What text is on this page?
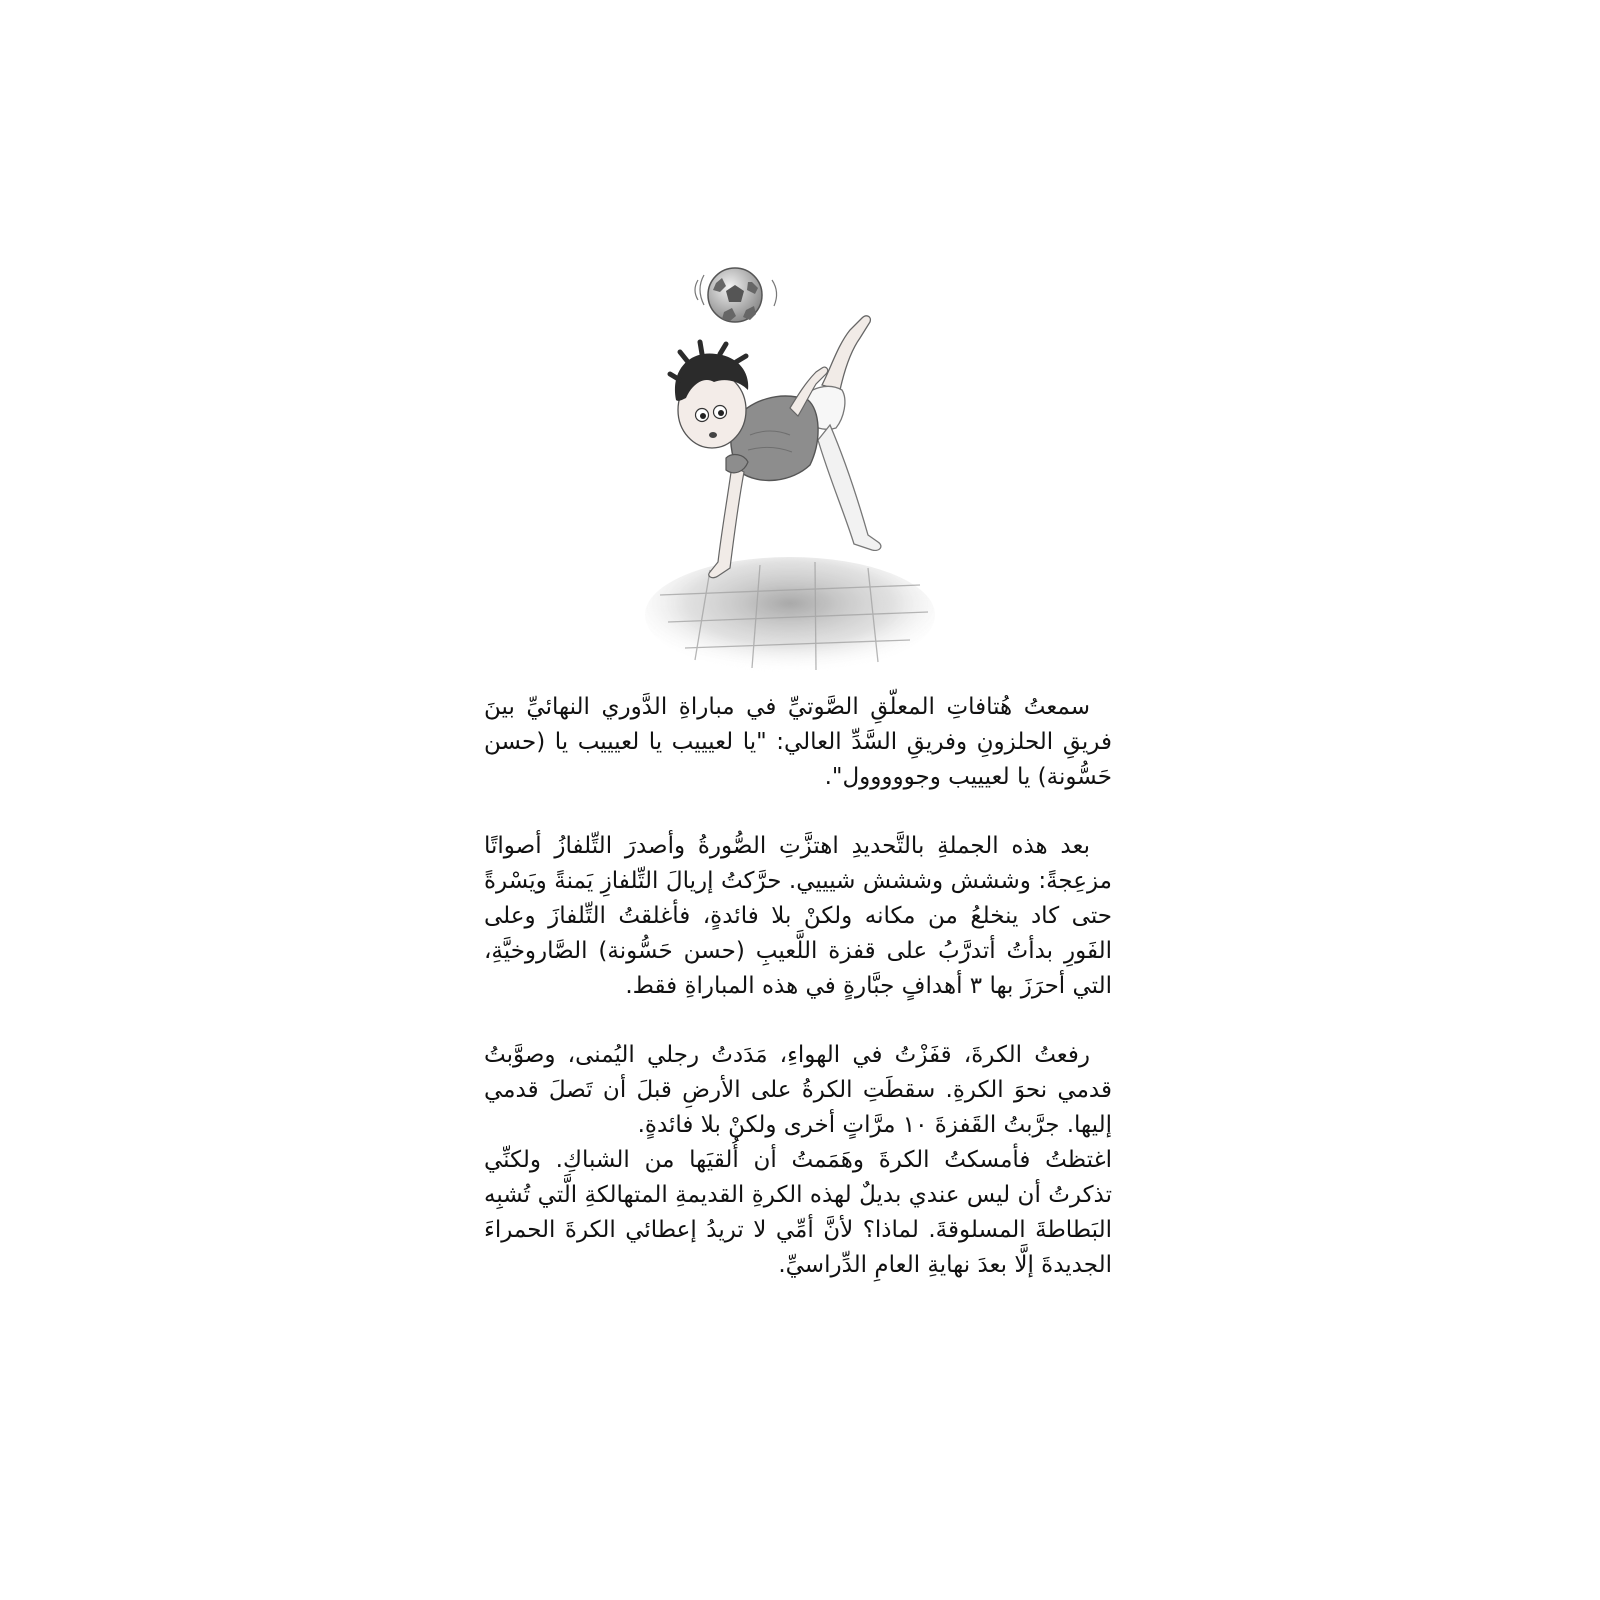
سمعتُ هُتافاتِ المعلّقِ الصَّوتيِّ في مباراةِ الدَّوري النهائيِّ بينَ فريقِ الحلزونِ وفريقِ السَّدِّ العالي: "يا لعيييب يا لعيييب يا (حسن حَسُّونة) يا لعيييب وجووووول".

بعد هذه الجملةِ بالتَّحديدِ اهتزَّتِ الصُّورةُ وأصدرَ التِّلفازُ أصواتًا مزعِجةً: وششش وششش شيييي. حرَّكتُ إريالَ التِّلفازِ يَمنةً ويَسْرةً حتى كاد ينخلعُ من مكانه ولكنْ بلا فائدةٍ، فأغلقتُ التِّلفازَ وعلى الفَورِ بدأتُ أتدرَّبُ على قفزة اللَّعيبِ (حسن حَسُّونة) الصَّاروخيَّةِ، التي أحرَزَ بها ٣ أهدافٍ جبَّارةٍ في هذه المباراةِ فقط.

رفعتُ الكرةَ، قفَزْتُ في الهواءِ، مَدَدتُ رجلي اليُمنى، وصوَّبتُ قدمي نحوَ الكرةِ. سقطَتِ الكرةُ على الأرضِ قبلَ أن تَصلَ قدمي إليها. جرَّبتُ القَفزةَ ١٠ مرَّاتٍ أخرى ولكنْ بلا فائدةٍ.

اغتظتُ فأمسكتُ الكرةَ وهَمَمتُ أن أُلقيَها من الشباكِ. ولكنِّي تذكرتُ أن ليس عندي بديلٌ لهذه الكرةِ القديمةِ المتهالكةِ الَّتي تُشبِه البَطاطةَ المسلوقةَ. لماذا؟ لأنَّ أمِّي لا تريدُ إعطائي الكرةَ الحمراءَ الجديدةَ إلَّا بعدَ نهايةِ العامِ الدِّراسيِّ.
